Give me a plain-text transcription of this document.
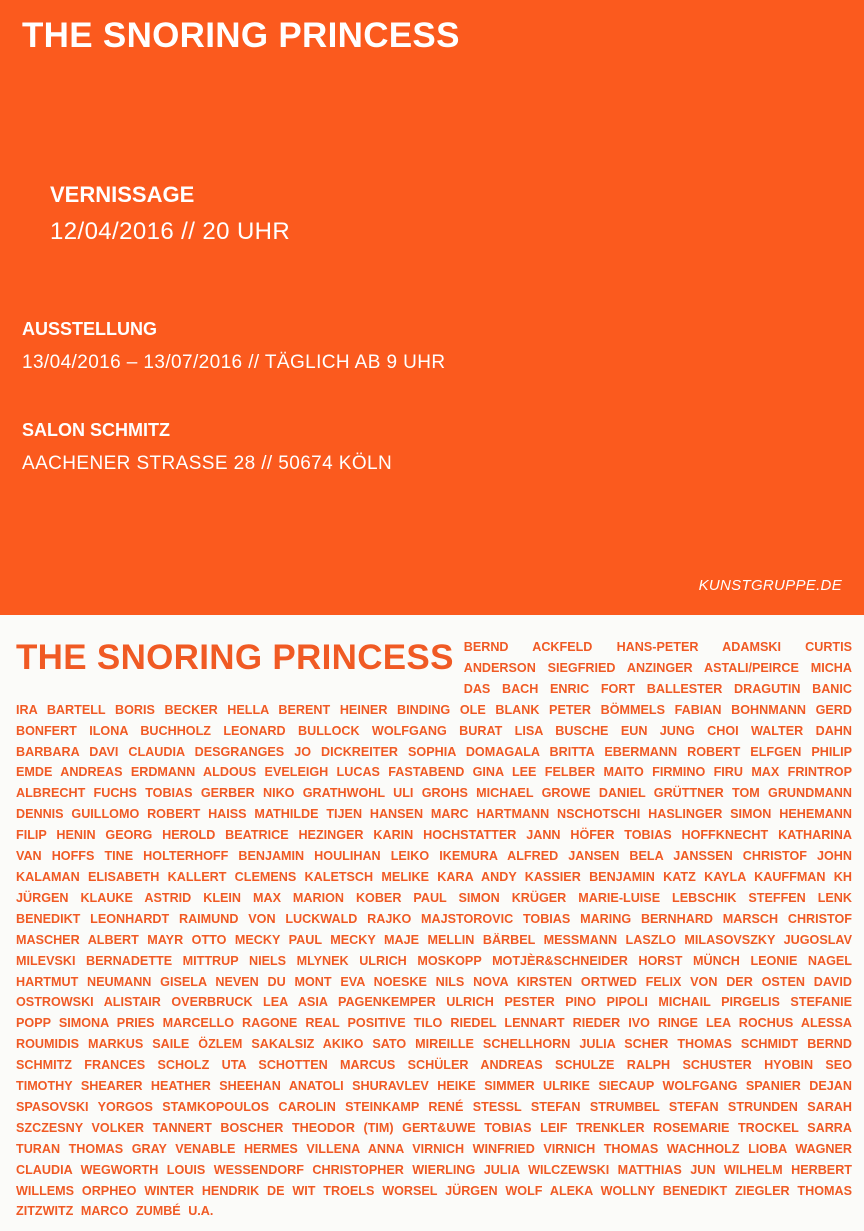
THE SNORING PRINCESS

VERNISSAGE

12/04/2016 // 20 UHR

AUSSTELLUNG

13/04/2016 – 13/07/2016 // TÄGLICH AB 9 UHR

SALON SCHMITZ

AACHENER STRASSE 28 // 50674 KÖLN

KUNSTGRUPPE.DE
THE SNORING PRINCESS BERND ACKFELD HANS-PETER ADAMSKI CURTIS ANDERSON SIEGFRIED ANZINGER ASTALI/PEIRCE MICHA DAS BACH ENRIC FORT BALLESTER DRAGUTIN BANIC IRA BARTELL BORIS BECKER HELLA BERENT HEINER BINDING OLE BLANK PETER BÖMMELS FABIAN BOHNMANN GERD BONFERT ILONA BUCHHOLZ LEONARD BULLOCK WOLFGANG BURAT LISA BUSCHE EUN JUNG CHOI WALTER DAHN BARBARA DAVI CLAUDIA DESGRANGES JO DICKREITER SOPHIA DOMAGALA BRITTA EBERMANN ROBERT ELFGEN PHILIP EMDE ANDREAS ERDMANN ALDOUS EVELEIGH LUCAS FASTABEND GINA LEE FELBER MAITO FIRMINO FIRU MAX FRINTROP ALBRECHT FUCHS TOBIAS GERBER NIKO GRATHWOHL ULI GROHS MICHAEL GROWE DANIEL GRÜTTNER TOM GRUNDMANN DENNIS GUILLOMO ROBERT HAISS MATHILDE TIJEN HANSEN MARC HARTMANN NSCHOTSCHI HASLINGER SIMON HEHEMANN FILIP HENIN GEORG HEROLD BEATRICE HEZINGER KARIN HOCHSTATTER JANN HÖFER TOBIAS HOFFKNECHT KATHARINA VAN HOFFS TINE HOLTERHOFF BENJAMIN HOULIHAN LEIKO IKEMURA ALFRED JANSEN BELA JANSSEN CHRISTOF JOHN KALAMAN ELISABETH KALLERT CLEMENS KALETSCH MELIKE KARA ANDY KASSIER BENJAMIN KATZ KAYLA KAUFFMAN KH JÜRGEN KLAUKE ASTRID KLEIN MAX MARION KOBER PAUL SIMON KRÜGER MARIE-LUISE LEBSCHIK STEFFEN LENK BENEDIKT LEONHARDT RAIMUND VON LUCKWALD RAJKO MAJSTOROVIC TOBIAS MARING BERNHARD MARSCH CHRISTOF MASCHER ALBERT MAYR OTTO MECKY PAUL MECKY MAJE MELLIN BÄRBEL MESSMANN LASZLO MILASOVSZKY JUGOSLAV MILEVSKI BERNADETTE MITTRUP NIELS MLYNEK ULRICH MOSKOPP MOTJÈR&SCHNEIDER HORST MÜNCH LEONIE NAGEL HARTMUT NEUMANN GISELA NEVEN DU MONT EVA NOESKE NILS NOVA KIRSTEN ORTWED FELIX VON DER OSTEN DAVID OSTROWSKI ALISTAIR OVERBRUCK LEA ASIA PAGENKEMPER ULRICH PESTER PINO PIPOLI MICHAIL PIRGELIS STEFANIE POPP SIMONA PRIES MARCELLO RAGONE REAL POSITIVE TILO RIEDEL LENNART RIEDER IVO RINGE LEA ROCHUS ALESSA ROUMIDIS MARKUS SAILE ÖZLEM SAKALSIZ AKIKO SATO MIREILLE SCHELLHORN JULIA SCHER THOMAS SCHMIDT BERND SCHMITZ FRANCES SCHOLZ UTA SCHOTTEN MARCUS SCHÜLER ANDREAS SCHULZE RALPH SCHUSTER HYOBIN SEO TIMOTHY SHEARER HEATHER SHEEHAN ANATOLI SHURAVLEV HEIKE SIMMER ULRIKE SIECAUP WOLFGANG SPANIER DEJAN SPASOVSKI YORGOS STAMKOPOULOS CAROLIN STEINKAMP RENÉ STESSL STEFAN STRUMBEL STEFAN STRUNDEN SARAH SZCZESNY VOLKER TANNERT BOSCHER THEODOR (TIM) GERT&UWE TOBIAS LEIF TRENKLER ROSEMARIE TROCKEL SARRA TURAN THOMAS GRAY VENABLE HERMES VILLENA ANNA VIRNICH WINFRIED VIRNICH THOMAS WACHHOLZ LIOBA WAGNER CLAUDIA WEGWORTH LOUIS WESSENDORF CHRISTOPHER WIERLING JULIA WILCZEWSKI MATTHIAS JUN WILHELM HERBERT WILLEMS ORPHEO WINTER HENDRIK DE WIT TROELS WORSEL JÜRGEN WOLF ALEKA WOLLNY BENEDIKT ZIEGLER THOMAS ZITZWITZ MARCO ZUMBÉ U.A.
